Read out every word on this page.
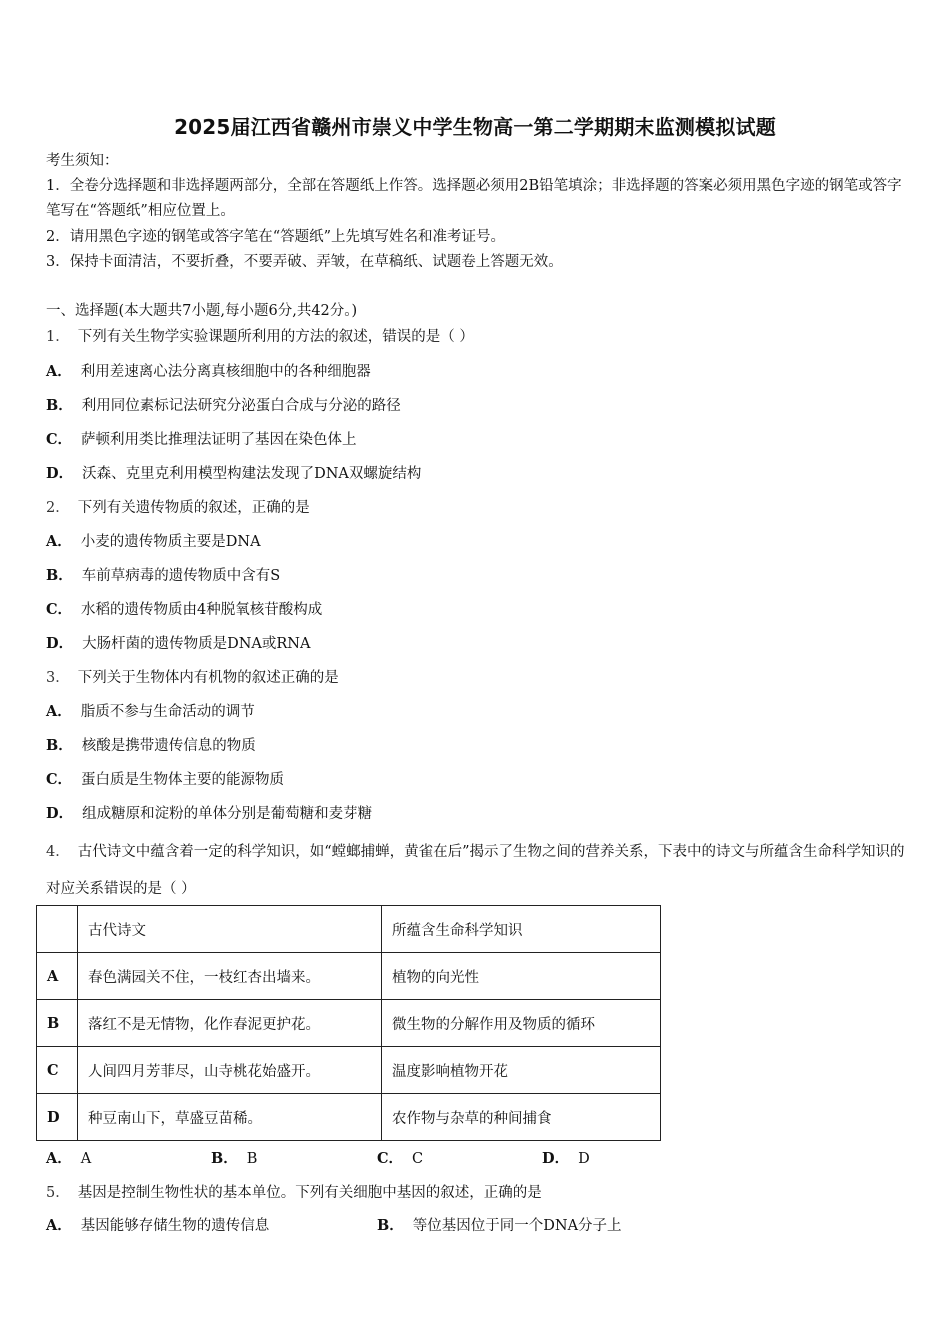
2025届江西省赣州市崇义中学生物高一第二学期期末监测模拟试题
考生须知：
1．全卷分选择题和非选择题两部分，全部在答题纸上作答。选择题必须用2B铅笔填涂；非选择题的答案必须用黑色字迹的钢笔或答字笔写在“答题纸”相应位置上。
2．请用黑色字迹的钢笔或答字笔在“答题纸”上先填写姓名和准考证号。
3．保持卡面清洁，不要折叠，不要弄破、弄皱，在草稿纸、试题卷上答题无效。
一、选择题(本大题共7小题,每小题6分,共42分。)
1． 下列有关生物学实验课题所利用的方法的叙述，错误的是（ ）
A． 利用差速离心法分离真核细胞中的各种细胞器
B． 利用同位素标记法研究分泌蛋白合成与分泌的路径
C． 萨顿利用类比推理法证明了基因在染色体上
D． 沃森、克里克利用模型构建法发现了DNA双螺旋结构
2． 下列有关遗传物质的叙述，正确的是
A． 小麦的遗传物质主要是DNA
B． 车前草病毒的遗传物质中含有S
C． 水稻的遗传物质由4种脱氧核苷酸构成
D． 大肠杆菌的遗传物质是DNA或RNA
3． 下列关于生物体内有机物的叙述正确的是
A． 脂质不参与生命活动的调节
B． 核酸是携带遗传信息的物质
C． 蛋白质是生物体主要的能源物质
D． 组成糖原和淀粉的单体分别是葡萄糖和麦芽糖
4． 古代诗文中蕴含着一定的科学知识，如“螳螂捕蝉，黄雀在后”揭示了生物之间的营养关系，下表中的诗文与所蕴含生命科学知识的对应关系错误的是（ ）
	古代诗文	所蕴含生命科学知识
A	春色满园关不住，一枝红杏出墙来。	植物的向光性
B	落红不是无情物，化作春泥更护花。	微生物的分解作用及物质的循环
C	人间四月芳菲尽，山寺桃花始盛开。	温度影响植物开花
D	种豆南山下，草盛豆苗稀。	农作物与杂草的种间捕食
A． A	B． B	C． C	D． D
5． 基因是控制生物性状的基本单位。下列有关细胞中基因的叙述，正确的是
A． 基因能够存储生物的遗传信息	B． 等位基因位于同一个DNA分子上
